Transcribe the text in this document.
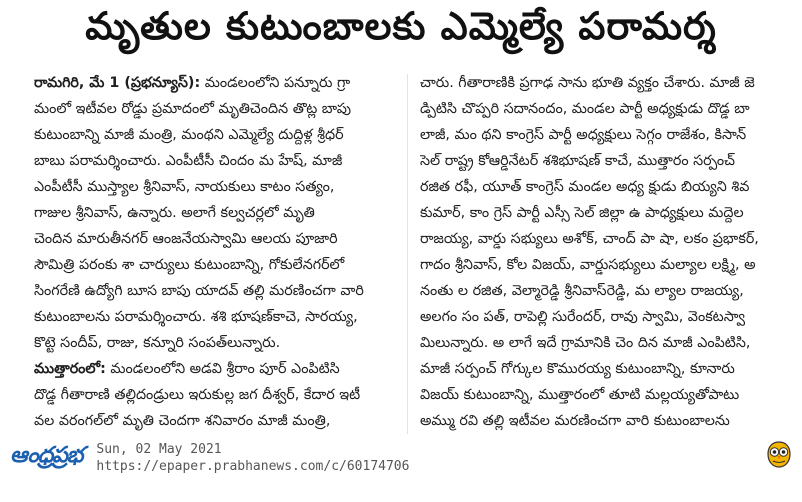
మృతుల కుటుంబాలకు ఎమ్మెల్యే పరామర్శ
రామగిరి, మే 1 (ప్రభన్యూస్): మండలంలోని పన్నూరు గ్రా
మంలో ఇటీవల రోడ్డు ప్రమాదంలో మృతిచెందిన తొట్ల బాపు
కుటుంబాన్ని మాజీ మంత్రి, మంథని ఎమ్మెల్యే దుద్దిళ్ల శ్రీధర్
బాబు పరామర్శించారు. ఎంపీటీసీ చిందం మ హేష్, మాజీ
ఎంపీటీసీ ముస్త్యాల శ్రీనివాస్, నాయకులు కాటం సత్యం,
గాజుల శ్రీనివాస్, ఉన్నారు. అలాగే కల్వచర్లలో మృతి
చెందిన మారుతీనగర్ ఆంజనేయస్వామి ఆలయ పూజారి
సౌమిత్రి పరంకు శా చార్యులు కుటుంబాన్ని, గోకులేనగర్‌లో
సింగరేణి ఉద్యోగి బూస బాపు యాదవ్ తల్లి మరణించగా వారి
కుటుంబాలను పరామర్శించారు. శశి భూషణ్‌కాచె, సారయ్య,
కొట్టె సందీప్, రాజు, కన్నూరి సంపత్‌లున్నారు.
ముత్తారంలో: మండలంలోని అడవి శ్రీరాం పూర్ ఎంపిటిసి
దొడ్డ గీతారాణి తల్లిదండ్రులు ఇరుకుల్ల జగ దీశ్వర్, కేదార ఇటీ
వల వరంగల్‌లో మృతి చెందగా శనివారం మాజీ మంత్రి,
చారు. గీతారాణికి ప్రగాఢ సాను భూతి వ్యక్తం చేశారు. మాజీ జె
డ్పిటిసి చొప్పరి సదానందం, మండల పార్టీ అధ్యక్షుడు దొడ్డ బా
లాజీ, మం థని కాంగ్రెస్ పార్టీ అధ్యక్షులు సెగ్గం రాజేశం, కిసాన్
సెల్ రాష్ట్ర కోఆర్డినేటర్ శశిభూషణ్ కాచే, ముత్తారం సర్పంచ్
రజిత రఫీ, యూత్ కాంగ్రెస్ మండల అధ్య క్షుడు బియ్యని శివ
కుమార్, కాం గ్రెస్ పార్టీ ఎస్సీ సెల్ జిల్లా ఉ పాధ్యక్షులు మద్దెల
రాజయ్య, వార్డు సభ్యులు అశోక్, చాంద్ పా షా, లకం ప్రభాకర్,
గాదం శ్రీనివాస్, కోల విజయ్, వార్డుసభ్యులు మల్యాల లక్ష్మి, అ
నంతు ల రజిత, వెల్మారెడ్డి శ్రీనివాస్‌రెడ్డి, మ ల్యాల రాజయ్య,
అలగం సం పత్, రాపెల్లి సురేందర్, రావు స్వామి, వెంకటస్వా
మిలున్నారు. అ లాగే ఇదే గ్రామానికి చెం దిన మాజీ ఎంపిటిసి,
మాజీ సర్పంచ్ గోగ్కుల కొమురయ్య కుటుంబాన్ని, కూనారు
విజయ్ కుటుంబాన్ని, ముత్తారంలో తూటి మల్లయ్యతోపాటు
అమ్ము రవి తల్లి ఇటీవల మరణించగా వారి కుటుంబాలను
ఆంధ్రప్రభ Sun, 02 May 2021
https://epaper.prabhanews.com/c/60174706
